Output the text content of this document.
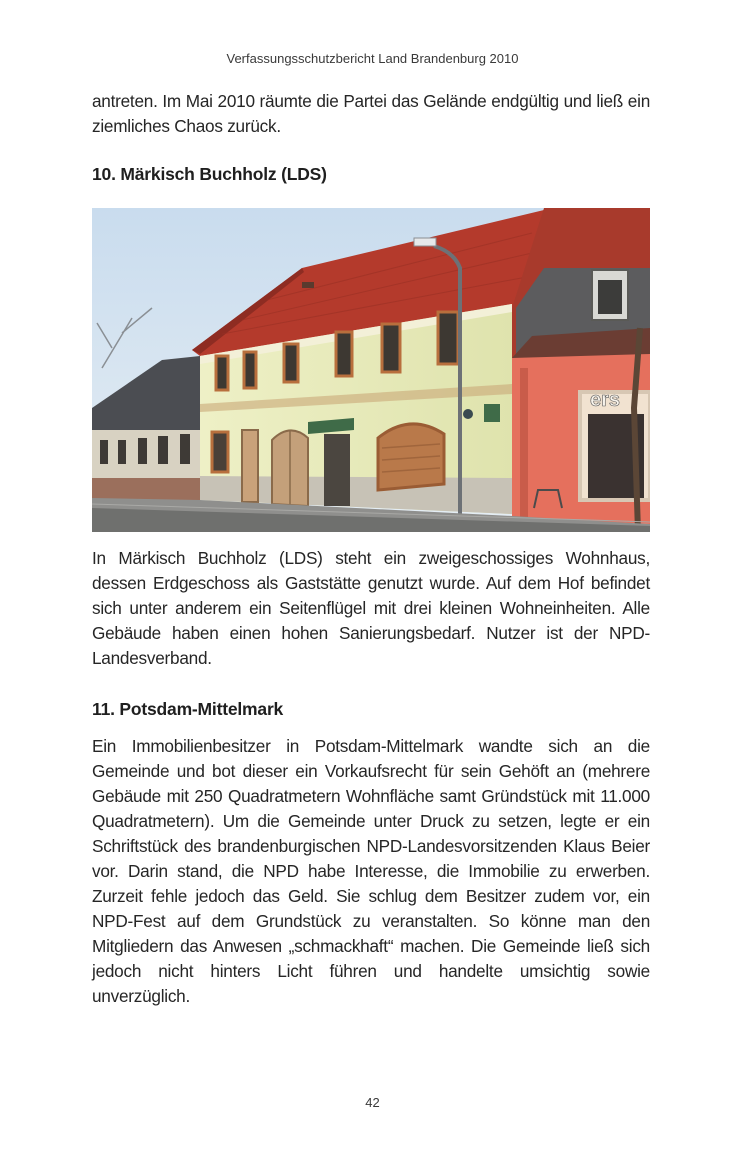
Verfassungsschutzbericht Land Brandenburg 2010

antreten. Im Mai 2010 räumte die Partei das Gelände endgültig und ließ ein ziemliches Chaos zurück.

10. Märkisch Buchholz (LDS)
ers

In Märkisch Buchholz (LDS) steht ein zweigeschossiges Wohnhaus, dessen Erdgeschoss als Gaststätte genutzt wurde. Auf dem Hof befindet sich unter anderem ein Seitenflügel mit drei kleinen Wohneinheiten. Alle Gebäude haben einen hohen Sanierungsbedarf. Nutzer ist der NPD-Landesverband.

11. Potsdam-Mittelmark

Ein Immobilienbesitzer in Potsdam-Mittelmark wandte sich an die Gemeinde und bot dieser ein Vorkaufsrecht für sein Gehöft an (mehrere Gebäude mit 250 Quadratmetern Wohnfläche samt Gründstück mit 11.000 Quadratmetern). Um die Gemeinde unter Druck zu setzen, legte er ein Schriftstück des brandenburgischen NPD-Landesvorsitzenden Klaus Beier vor. Darin stand, die NPD habe Interesse, die Immobilie zu erwerben. Zurzeit fehle jedoch das Geld. Sie schlug dem Besitzer zudem vor, ein NPD-Fest auf dem Grundstück zu veranstalten. So könne man den Mitgliedern das Anwesen „schmackhaft“ machen. Die Gemeinde ließ sich jedoch nicht hinters Licht führen und handelte umsichtig sowie unverzüglich.

42
